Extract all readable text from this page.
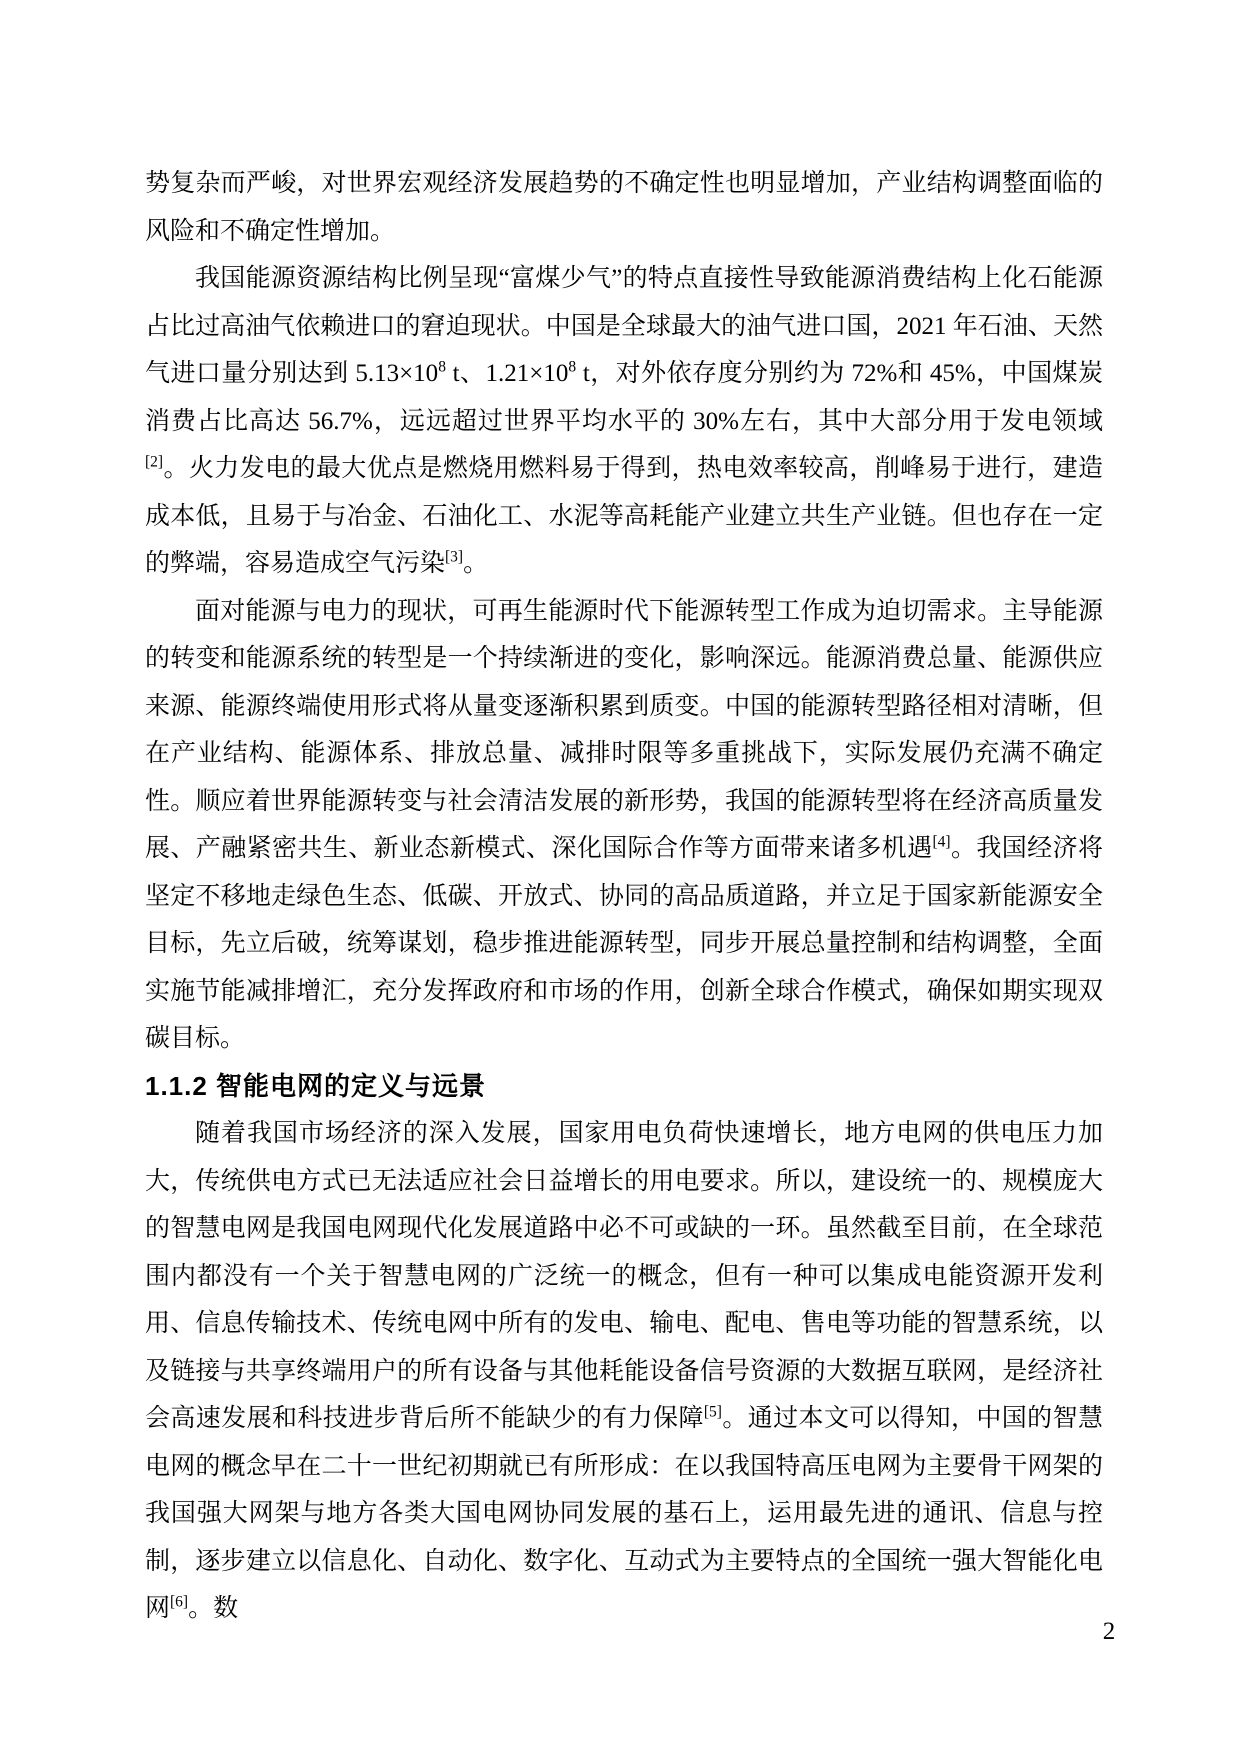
势复杂而严峻，对世界宏观经济发展趋势的不确定性也明显增加，产业结构调整面临的风险和不确定性增加。

我国能源资源结构比例呈现“富煤少气”的特点直接性导致能源消费结构上化石能源占比过高油气依赖进口的窘迫现状。中国是全球最大的油气进口国，2021 年石油、天然气进口量分别达到 $5.13\times 10^8$ t、$1.21\times 10^8$ t，对外依存度分别约为 72%和 45%，中国煤炭消费占比高达 56.7%，远远超过世界平均水平的 30%左右，其中大部分用于发电领域[2]。火力发电的最大优点是燃烧用燃料易于得到，热电效率较高，削峰易于进行，建造成本低，且易于与冶金、石油化工、水泥等高耗能产业建立共生产业链。但也存在一定的弊端，容易造成空气污染[3]。

面对能源与电力的现状，可再生能源时代下能源转型工作成为迫切需求。主导能源的转变和能源系统的转型是一个持续渐进的变化，影响深远。能源消费总量、能源供应来源、能源终端使用形式将从量变逐渐积累到质变。中国的能源转型路径相对清晰，但在产业结构、能源体系、排放总量、减排时限等多重挑战下，实际发展仍充满不确定性。顺应着世界能源转变与社会清洁发展的新形势，我国的能源转型将在经济高质量发展、产融紧密共生、新业态新模式、深化国际合作等方面带来诸多机遇[4]。我国经济将坚定不移地走绿色生态、低碳、开放式、协同的高品质道路，并立足于国家新能源安全目标，先立后破，统筹谋划，稳步推进能源转型，同步开展总量控制和结构调整，全面实施节能减排增汇，充分发挥政府和市场的作用，创新全球合作模式，确保如期实现双碳目标。

1.1.2 智能电网的定义与远景

随着我国市场经济的深入发展，国家用电负荷快速增长，地方电网的供电压力加大，传统供电方式已无法适应社会日益增长的用电要求。所以，建设统一的、规模庞大的智慧电网是我国电网现代化发展道路中必不可或缺的一环。虽然截至目前，在全球范围内都没有一个关于智慧电网的广泛统一的概念，但有一种可以集成电能资源开发利用、信息传输技术、传统电网中所有的发电、输电、配电、售电等功能的智慧系统，以及链接与共享终端用户的所有设备与其他耗能设备信号资源的大数据互联网，是经济社会高速发展和科技进步背后所不能缺少的有力保障[5]。通过本文可以得知，中国的智慧电网的概念早在二十一世纪初期就已有所形成：在以我国特高压电网为主要骨干网架的我国强大网架与地方各类大国电网协同发展的基石上，运用最先进的通讯、信息与控制，逐步建立以信息化、自动化、数字化、互动式为主要特点的全国统一强大智能化电网[6]。数

2
